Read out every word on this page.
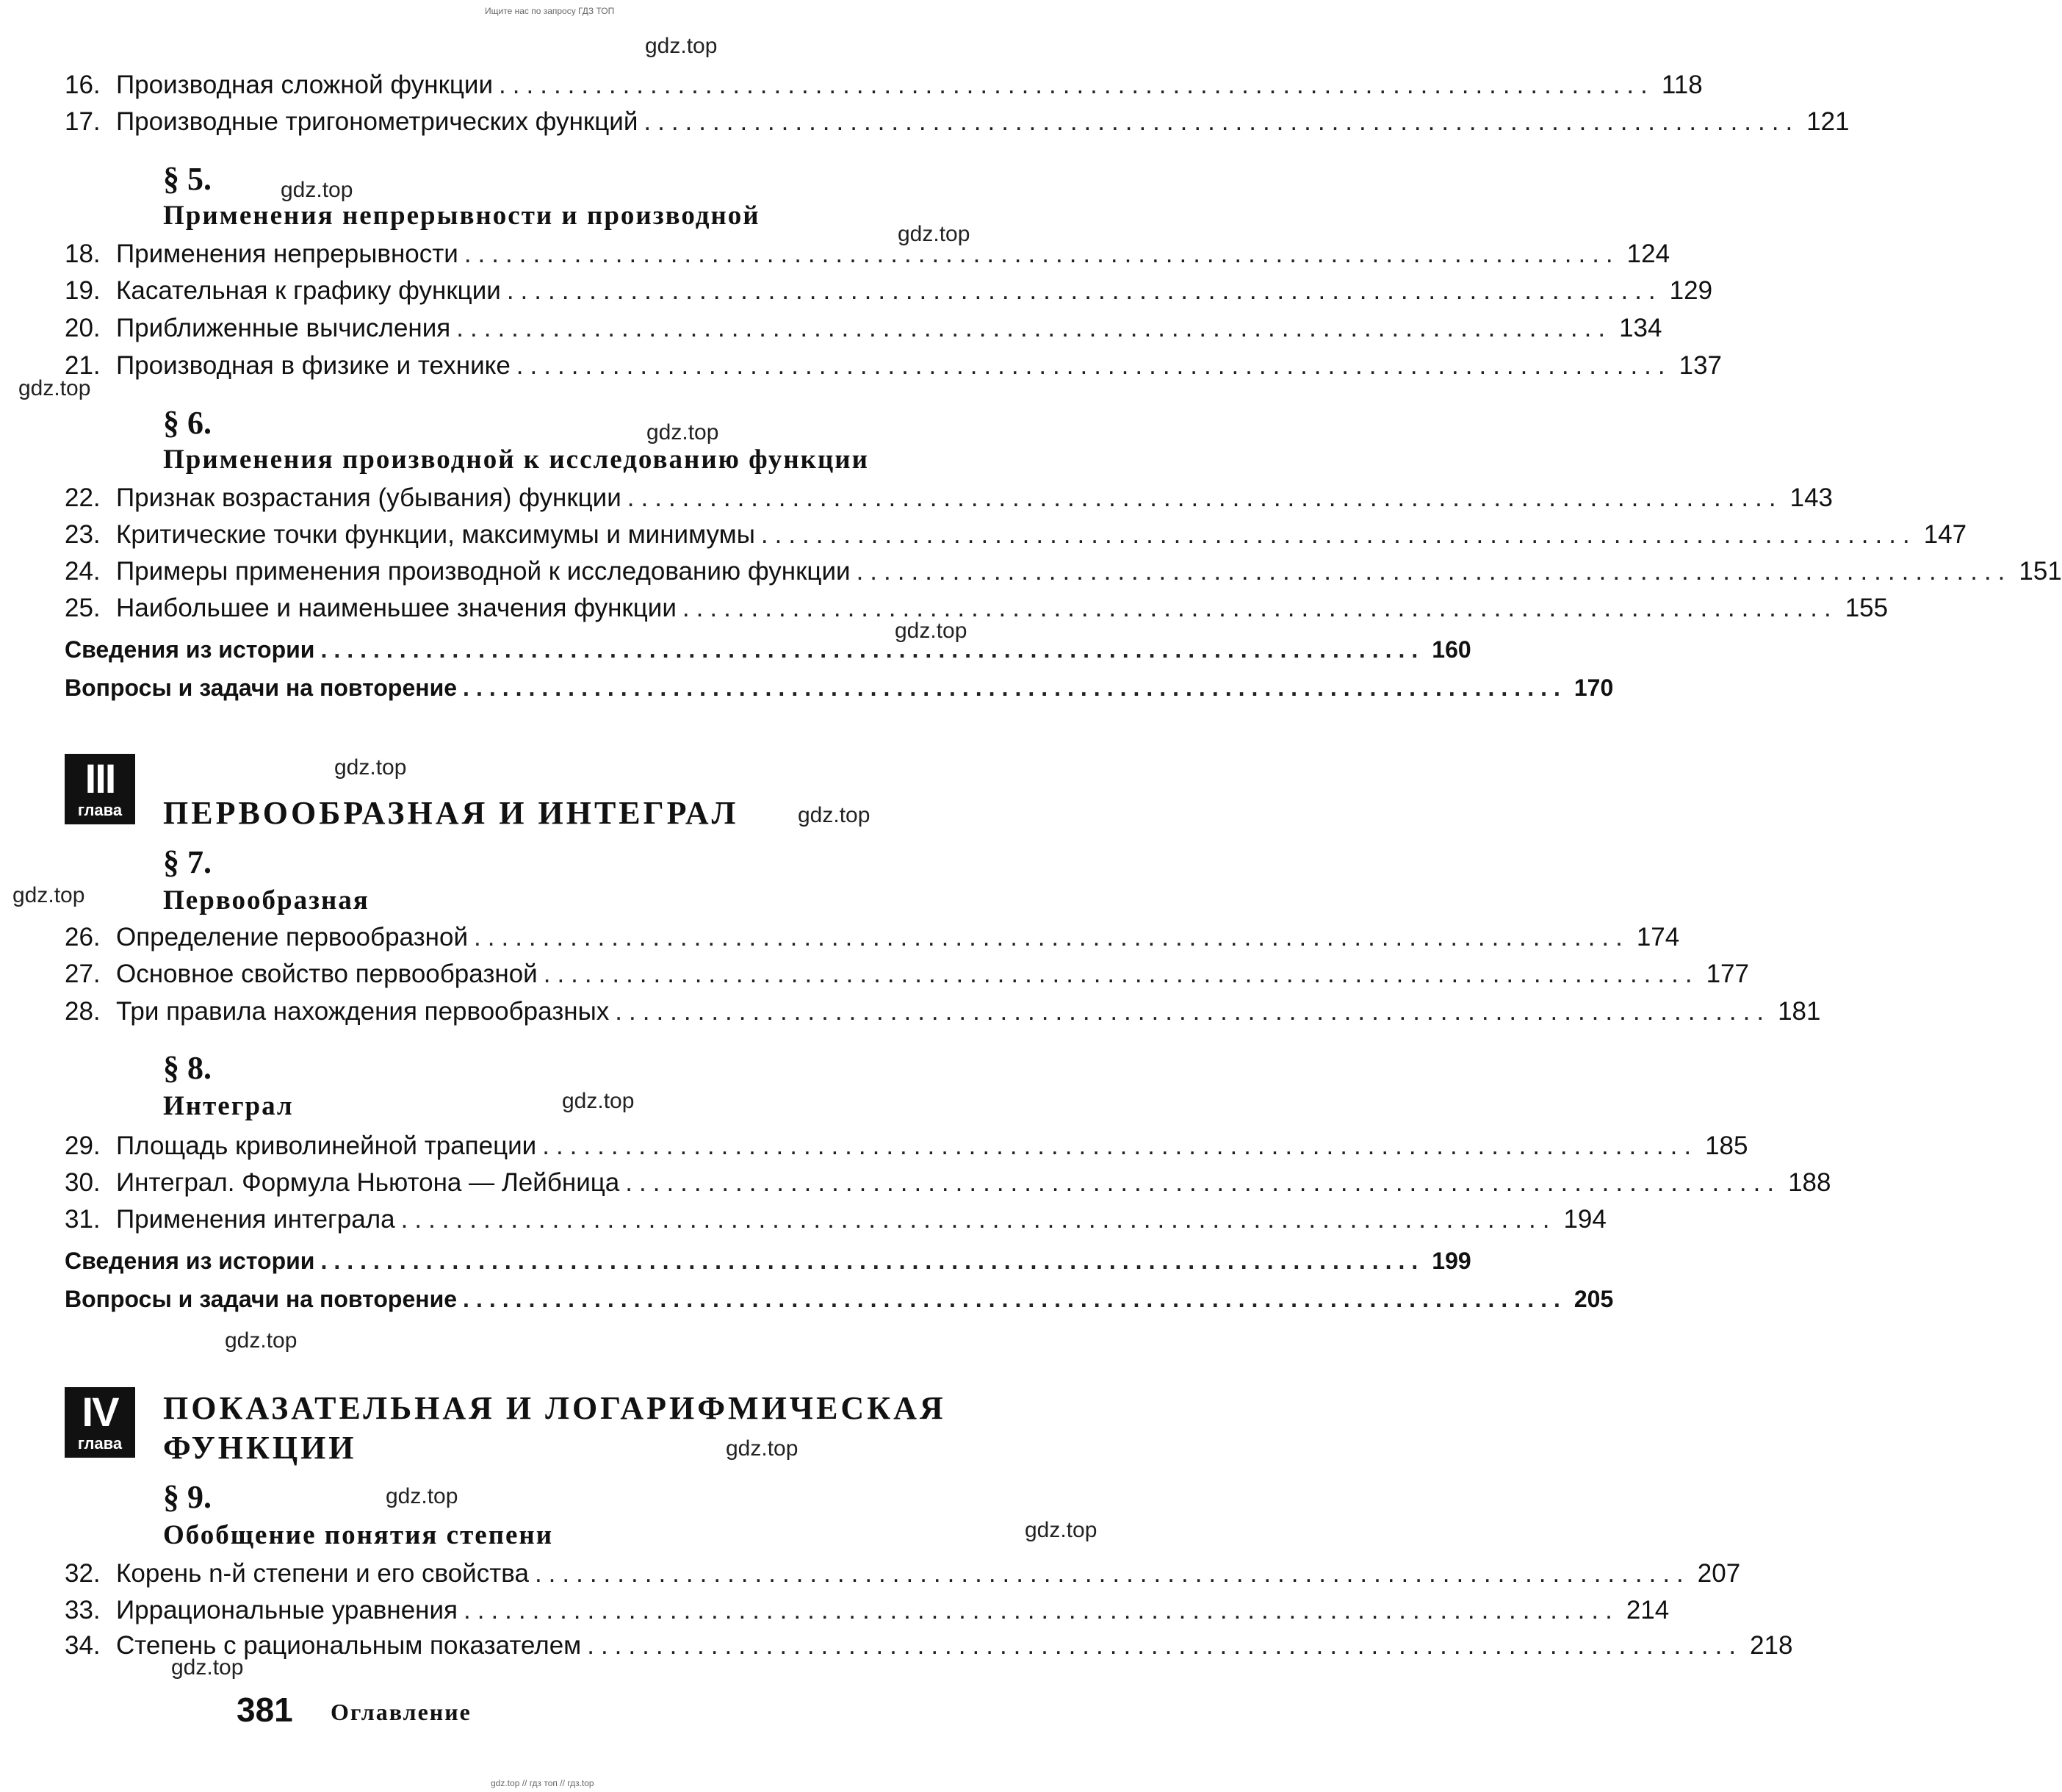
Ищите нас по запросу ГДЗ ТОП
gdz.top // гдз топ // гдз.top
gdz.top
gdz.top
gdz.top
gdz.top
gdz.top
gdz.top
gdz.top
gdz.top
gdz.top
gdz.top
gdz.top
gdz.top
gdz.top
gdz.top
gdz.top
16. Производная сложной функции .................................................................................... 118
17. Производные тригонометрических функций .................................................................................... 121
§ 5.
Применения непрерывности и производной
18. Применения непрерывности .................................................................................... 124
19. Касательная к графику функции .................................................................................... 129
20. Приближенные вычисления .................................................................................... 134
21. Производная в физике и технике .................................................................................... 137
§ 6.
Применения производной к исследованию функции
22. Признак возрастания (убывания) функции .................................................................................... 143
23. Критические точки функции, максимумы и минимумы .................................................................................... 147
24. Примеры применения производной к исследованию функции .................................................................................... 151
25. Наибольшее и наименьшее значения функции .................................................................................... 155
Сведения из истории .................................................................................... 160
Вопросы и задачи на повторение .................................................................................... 170
III
глава ПЕРВООБРАЗНАЯ И ИНТЕГРАЛ
§ 7.
Первообразная
26. Определение первообразной .................................................................................... 174
27. Основное свойство первообразной .................................................................................... 177
28. Три правила нахождения первообразных .................................................................................... 181
§ 8.
Интеграл
29. Площадь криволинейной трапеции .................................................................................... 185
30. Интеграл. Формула Ньютона — Лейбница .................................................................................... 188
31. Применения интеграла .................................................................................... 194
Сведения из истории .................................................................................... 199
Вопросы и задачи на повторение .................................................................................... 205
IV
глава
ПОКАЗАТЕЛЬНАЯ И ЛОГАРИФМИЧЕСКАЯ
ФУНКЦИИ
§ 9.
Обобщение понятия степени
32. Корень n-й степени и его свойства .................................................................................... 207
33. Иррациональные уравнения .................................................................................... 214
34. Степень с рациональным показателем .................................................................................... 218
381 Оглавление
